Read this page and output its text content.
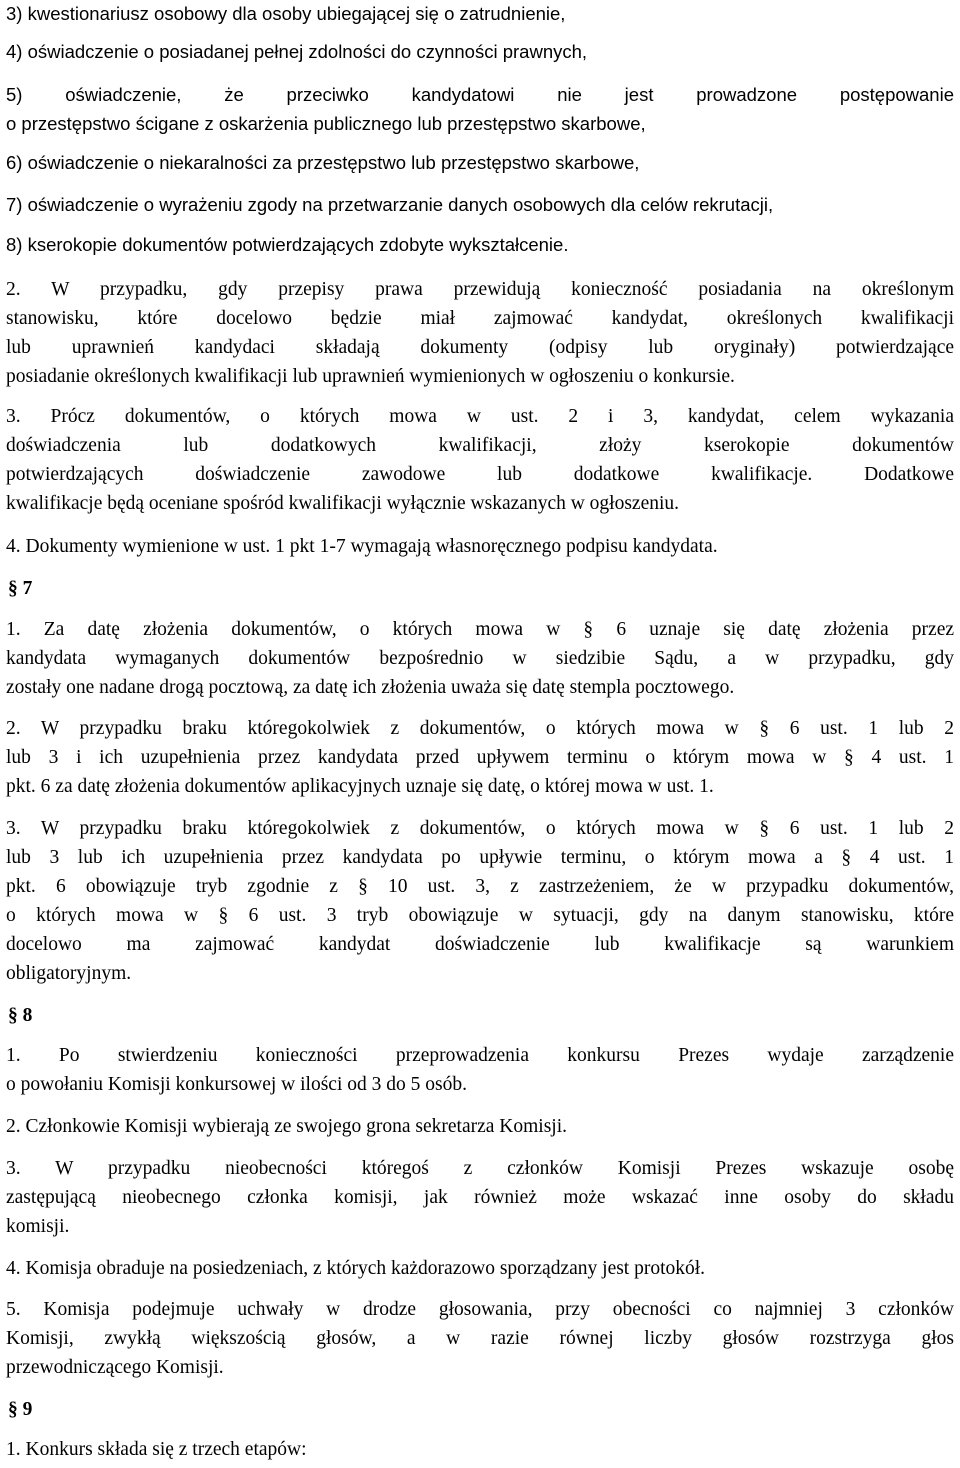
3) kwestionariusz osobowy dla osoby ubiegającej się o zatrudnienie,
4) oświadczenie o posiadanej pełnej zdolności do czynności prawnych,
5) oświadczenie, że przeciwko kandydatowi nie jest prowadzone postępowanie
o przestępstwo ścigane z oskarżenia publicznego lub przestępstwo skarbowe,
6) oświadczenie o niekaralności za przestępstwo lub przestępstwo skarbowe,
7) oświadczenie o wyrażeniu zgody na przetwarzanie danych osobowych dla celów rekrutacji,
8) kserokopie dokumentów potwierdzających zdobyte wykształcenie.
2. W przypadku, gdy przepisy prawa przewidują konieczność posiadania na określonym
stanowisku, które docelowo będzie miał zajmować kandydat, określonych kwalifikacji
lub uprawnień kandydaci składają dokumenty (odpisy lub oryginały) potwierdzające
posiadanie określonych kwalifikacji lub uprawnień wymienionych w ogłoszeniu o konkursie.
3. Prócz dokumentów, o których mowa w ust. 2 i 3, kandydat, celem wykazania
doświadczenia lub dodatkowych kwalifikacji, złoży kserokopie dokumentów
potwierdzających doświadczenie zawodowe lub dodatkowe kwalifikacje. Dodatkowe
kwalifikacje będą oceniane spośród kwalifikacji wyłącznie wskazanych w ogłoszeniu.
4. Dokumenty wymienione w ust. 1 pkt 1-7 wymagają własnoręcznego podpisu kandydata.
§ 7
1. Za datę złożenia dokumentów, o których mowa w § 6 uznaje się datę złożenia przez
kandydata wymaganych dokumentów bezpośrednio w siedzibie Sądu, a w przypadku, gdy
zostały one nadane drogą pocztową, za datę ich złożenia uważa się datę stempla pocztowego.
2. W przypadku braku któregokolwiek z dokumentów, o których mowa w § 6 ust. 1 lub 2
lub 3 i ich uzupełnienia przez kandydata przed upływem terminu o którym mowa w § 4 ust. 1
pkt. 6 za datę złożenia dokumentów aplikacyjnych uznaje się datę, o której mowa w ust. 1.
3. W przypadku braku któregokolwiek z dokumentów, o których mowa w § 6 ust. 1 lub 2
lub 3 lub ich uzupełnienia przez kandydata po upływie terminu, o którym mowa a § 4 ust. 1
pkt. 6 obowiązuje tryb zgodnie z § 10 ust. 3, z zastrzeżeniem, że w przypadku dokumentów,
o których mowa w § 6 ust. 3 tryb obowiązuje w sytuacji, gdy na danym stanowisku, które
docelowo ma zajmować kandydat doświadczenie lub kwalifikacje są warunkiem
obligatoryjnym.
§ 8
1. Po stwierdzeniu konieczności przeprowadzenia konkursu Prezes wydaje zarządzenie
o powołaniu Komisji konkursowej w ilości od 3 do 5 osób.
2. Członkowie Komisji wybierają ze swojego grona sekretarza Komisji.
3. W przypadku nieobecności któregoś z członków Komisji Prezes wskazuje osobę
zastępującą nieobecnego członka komisji, jak również może wskazać inne osoby do składu
komisji.
4. Komisja obraduje na posiedzeniach, z których każdorazowo sporządzany jest protokół.
5. Komisja podejmuje uchwały w drodze głosowania, przy obecności co najmniej 3 członków
Komisji, zwykłą większością głosów, a w razie równej liczby głosów rozstrzyga głos
przewodniczącego Komisji.
§ 9
1. Konkurs składa się z trzech etapów:
